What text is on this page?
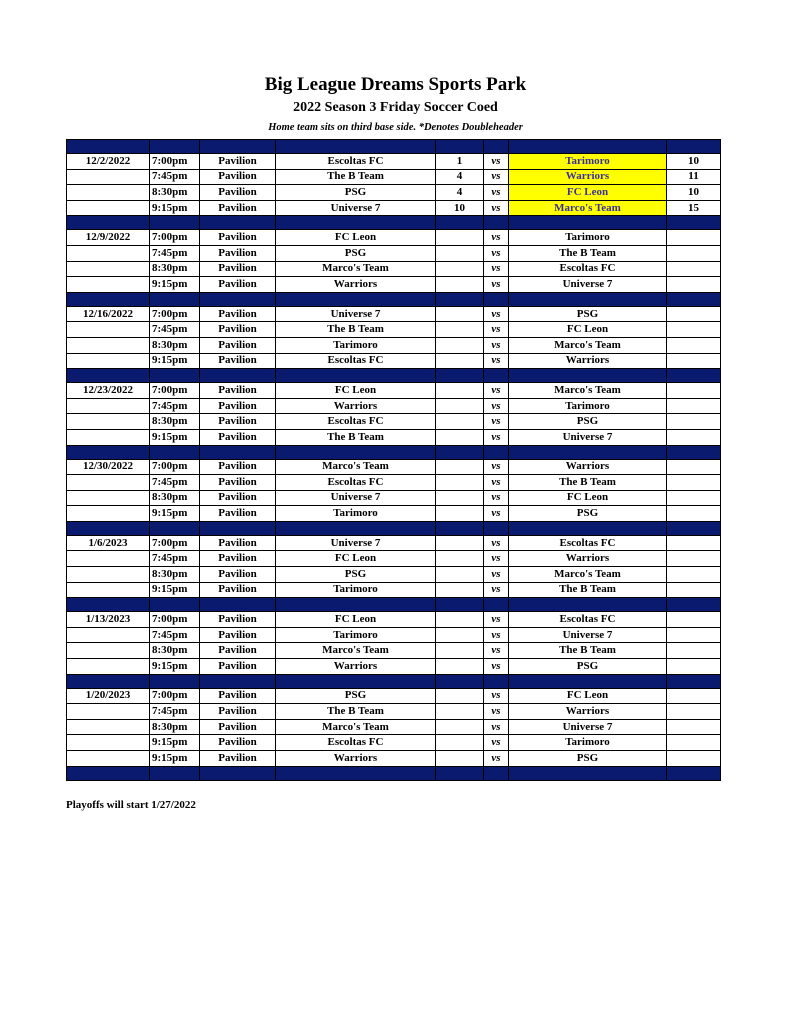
Big League Dreams Sports Park
2022 Season 3 Friday Soccer Coed
Home team sits on third base side. *Denotes Doubleheader

12/2/2022	7:00pm	Pavilion	Escoltas FC	1	vs	Tarimoro	10
	7:45pm	Pavilion	The B Team	4	vs	Warriors	11
	8:30pm	Pavilion	PSG	4	vs	FC Leon	10
	9:15pm	Pavilion	Universe 7	10	vs	Marco's Team	15

12/9/2022	7:00pm	Pavilion	FC Leon		vs	Tarimoro	
	7:45pm	Pavilion	PSG		vs	The B Team	
	8:30pm	Pavilion	Marco's Team		vs	Escoltas FC	
	9:15pm	Pavilion	Warriors		vs	Universe 7	

12/16/2022	7:00pm	Pavilion	Universe 7		vs	PSG	
	7:45pm	Pavilion	The B Team		vs	FC Leon	
	8:30pm	Pavilion	Tarimoro		vs	Marco's Team	
	9:15pm	Pavilion	Escoltas FC		vs	Warriors	

12/23/2022	7:00pm	Pavilion	FC Leon		vs	Marco's Team	
	7:45pm	Pavilion	Warriors		vs	Tarimoro	
	8:30pm	Pavilion	Escoltas FC		vs	PSG	
	9:15pm	Pavilion	The B Team		vs	Universe 7	

12/30/2022	7:00pm	Pavilion	Marco's Team		vs	Warriors	
	7:45pm	Pavilion	Escoltas FC		vs	The B Team	
	8:30pm	Pavilion	Universe 7		vs	FC Leon	
	9:15pm	Pavilion	Tarimoro		vs	PSG	

1/6/2023	7:00pm	Pavilion	Universe 7		vs	Escoltas FC	
	7:45pm	Pavilion	FC Leon		vs	Warriors	
	8:30pm	Pavilion	PSG		vs	Marco's Team	
	9:15pm	Pavilion	Tarimoro		vs	The B Team	

1/13/2023	7:00pm	Pavilion	FC Leon		vs	Escoltas FC	
	7:45pm	Pavilion	Tarimoro		vs	Universe 7	
	8:30pm	Pavilion	Marco's Team		vs	The B Team	
	9:15pm	Pavilion	Warriors		vs	PSG	

1/20/2023	7:00pm	Pavilion	PSG		vs	FC Leon	
	7:45pm	Pavilion	The B Team		vs	Warriors	
	8:30pm	Pavilion	Marco's Team		vs	Universe 7	
	9:15pm	Pavilion	Escoltas FC		vs	Tarimoro	
	9:15pm	Pavilion	Warriors		vs	PSG	

Playoffs will start 1/27/2022
